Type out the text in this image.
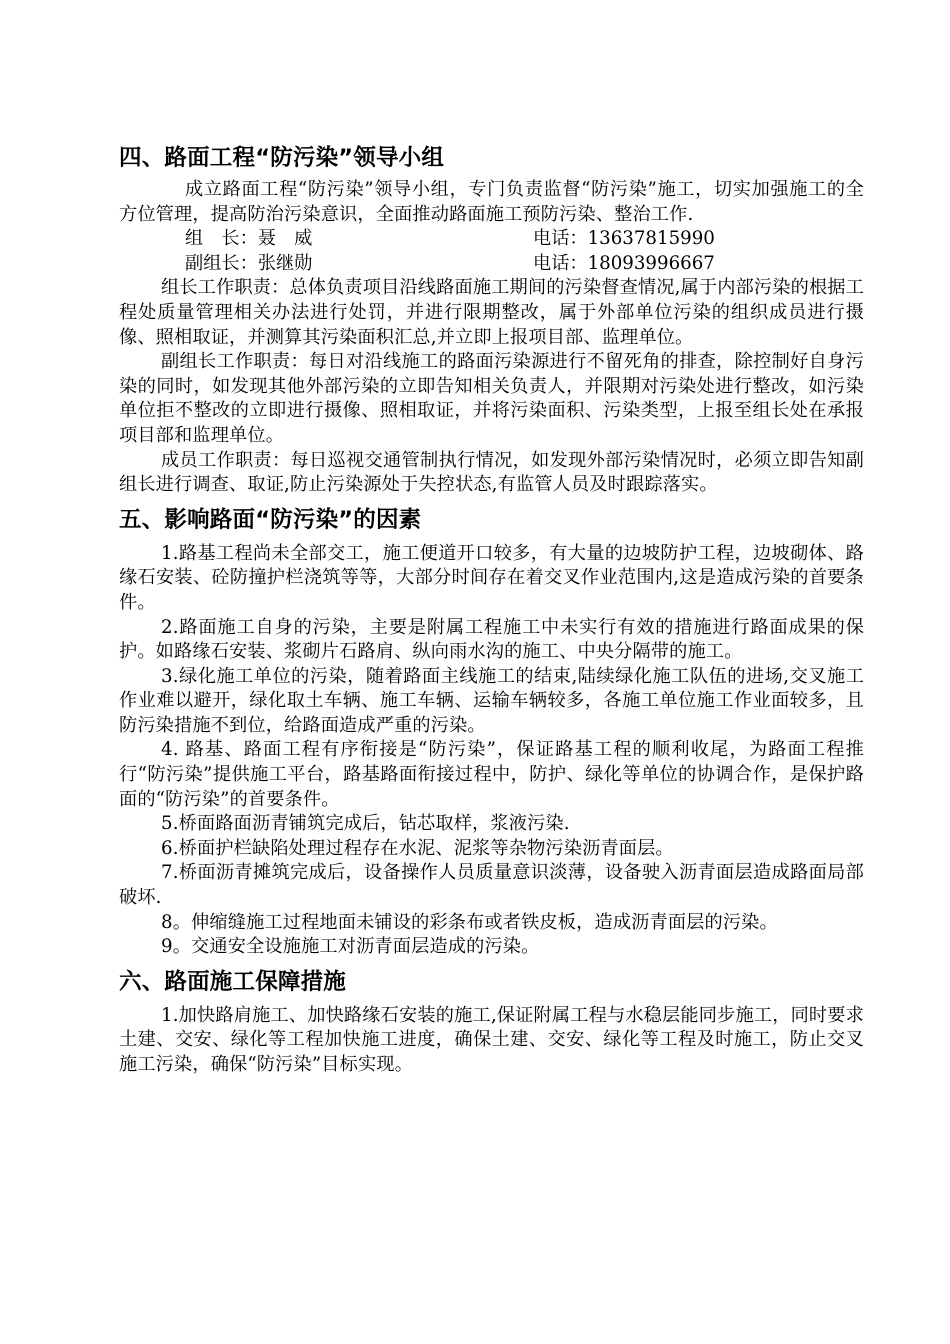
四、路面工程“防污染”领导小组

成立路面工程“防污染”领导小组，专门负责监督“防污染”施工，切实加强施工的全方位管理，提高防治污染意识，全面推动路面施工预防污染、整治工作.

组　长：聂　威	电话：13637815990
副组长：张继勋	电话：18093996667

组长工作职责：总体负责项目沿线路面施工期间的污染督查情况,属于内部污染的根据工程处质量管理相关办法进行处罚，并进行限期整改，属于外部单位污染的组织成员进行摄像、照相取证，并测算其污染面积汇总,并立即上报项目部、监理单位。

副组长工作职责：每日对沿线施工的路面污染源进行不留死角的排查，除控制好自身污染的同时，如发现其他外部污染的立即告知相关负责人，并限期对污染处进行整改，如污染单位拒不整改的立即进行摄像、照相取证，并将污染面积、污染类型，上报至组长处在承报项目部和监理单位。

成员工作职责：每日巡视交通管制执行情况，如发现外部污染情况时，必须立即告知副组长进行调查、取证,防止污染源处于失控状态,有监管人员及时跟踪落实。

五、影响路面“防污染”的因素

1.路基工程尚未全部交工，施工便道开口较多，有大量的边坡防护工程，边坡砌体、路缘石安装、砼防撞护栏浇筑等等，大部分时间存在着交叉作业范围内,这是造成污染的首要条件。

2.路面施工自身的污染，主要是附属工程施工中未实行有效的措施进行路面成果的保护。如路缘石安装、浆砌片石路肩、纵向雨水沟的施工、中央分隔带的施工。

3.绿化施工单位的污染，随着路面主线施工的结束,陆续绿化施工队伍的进场,交叉施工作业难以避开，绿化取土车辆、施工车辆、运输车辆较多，各施工单位施工作业面较多，且防污染措施不到位，给路面造成严重的污染。

4. 路基、路面工程有序衔接是“防污染”，保证路基工程的顺利收尾，为路面工程推行“防污染”提供施工平台，路基路面衔接过程中，防护、绿化等单位的协调合作，是保护路面的“防污染”的首要条件。

5.桥面路面沥青铺筑完成后，钻芯取样，浆液污染.

6.桥面护栏缺陷处理过程存在水泥、泥浆等杂物污染沥青面层。

7.桥面沥青摊筑完成后，设备操作人员质量意识淡薄，设备驶入沥青面层造成路面局部破坏.

8。伸缩缝施工过程地面未铺设的彩条布或者铁皮板，造成沥青面层的污染。

9。交通安全设施施工对沥青面层造成的污染。

六、路面施工保障措施

1.加快路肩施工、加快路缘石安装的施工,保证附属工程与水稳层能同步施工，同时要求土建、交安、绿化等工程加快施工进度，确保土建、交安、绿化等工程及时施工，防止交叉施工污染，确保“防污染”目标实现。
